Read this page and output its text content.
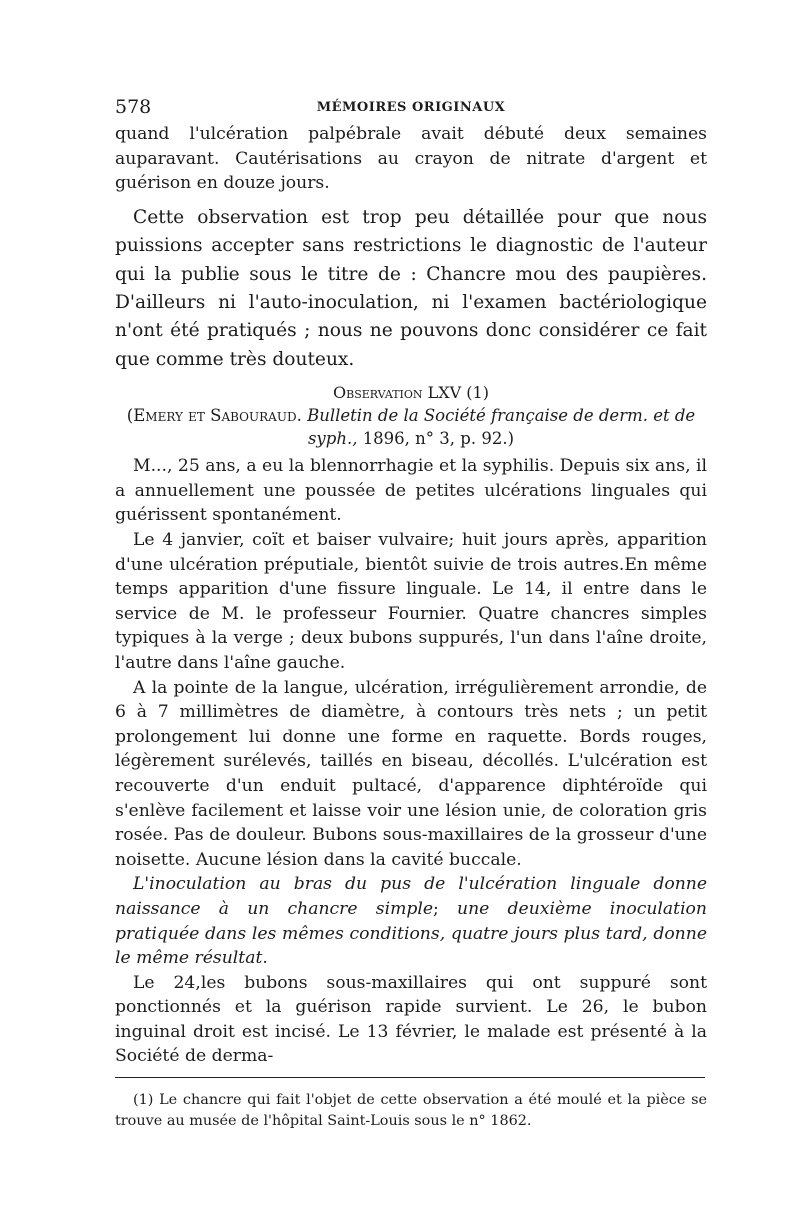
578	MÉMOIRES ORIGINAUX

quand l'ulcération palpébrale avait débuté deux semaines auparavant. Cautérisations au crayon de nitrate d'argent et guérison en douze jours.

Cette observation est trop peu détaillée pour que nous puissions accepter sans restrictions le diagnostic de l'auteur qui la publie sous le titre de : Chancre mou des paupières. D'ailleurs ni l'auto-inoculation, ni l'examen bactériologique n'ont été pratiqués ; nous ne pouvons donc considérer ce fait que comme très douteux.

Observation LXV (1)
(Emery et Sabouraud. Bulletin de la Société française de derm. et de syph., 1896, n° 3, p. 92.)

M..., 25 ans, a eu la blennorrhagie et la syphilis. Depuis six ans, il a annuellement une poussée de petites ulcérations linguales qui guérissent spontanément.

Le 4 janvier, coït et baiser vulvaire; huit jours après, apparition d'une ulcération préputiale, bientôt suivie de trois autres.En même temps apparition d'une fissure linguale. Le 14, il entre dans le service de M. le professeur Fournier. Quatre chancres simples typiques à la verge ; deux bubons suppurés, l'un dans l'aîne droite, l'autre dans l'aîne gauche.

A la pointe de la langue, ulcération, irrégulièrement arrondie, de 6 à 7 millimètres de diamètre, à contours très nets ; un petit prolongement lui donne une forme en raquette. Bords rouges, légèrement surélevés, taillés en biseau, décollés. L'ulcération est recouverte d'un enduit pultacé, d'apparence diphtéroïde qui s'enlève facilement et laisse voir une lésion unie, de coloration gris rosée. Pas de douleur. Bubons sous-maxillaires de la grosseur d'une noisette. Aucune lésion dans la cavité buccale.

L'inoculation au bras du pus de l'ulcération linguale donne naissance à un chancre simple; une deuxième inoculation pratiquée dans les mêmes conditions, quatre jours plus tard, donne le même résultat.

Le 24,les bubons sous-maxillaires qui ont suppuré sont ponctionnés et la guérison rapide survient. Le 26, le bubon inguinal droit est incisé. Le 13 février, le malade est présenté à la Société de derma-

(1) Le chancre qui fait l'objet de cette observation a été moulé et la pièce se trouve au musée de l'hôpital Saint-Louis sous le n° 1862.
